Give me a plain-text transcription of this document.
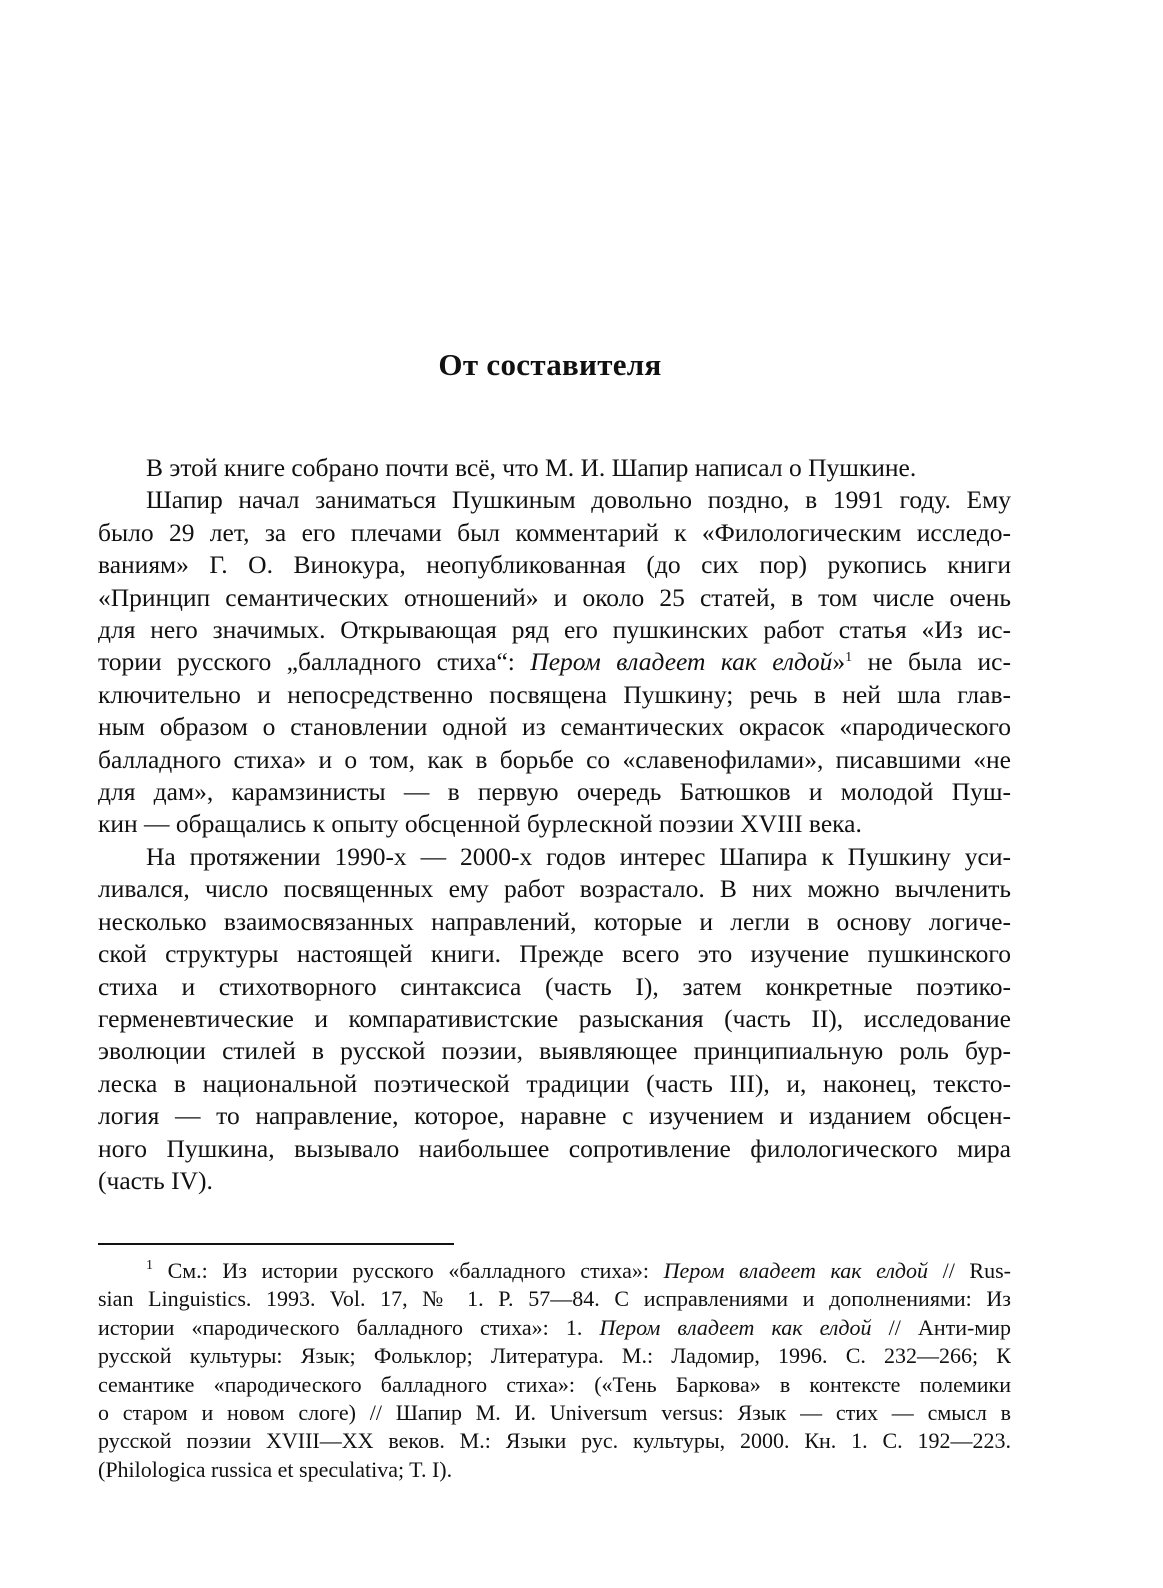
От составителя
В этой книге собрано почти всё, что М. И. Шапир написал о Пушкине.
Шапир начал заниматься Пушкиным довольно поздно, в 1991 году. Ему
было 29 лет, за его плечами был комментарий к «Филологическим исследо-
ваниям» Г. О. Винокура, неопубликованная (до сих пор) рукопись книги
«Принцип семантических отношений» и около 25 статей, в том числе очень
для него значимых. Открывающая ряд его пушкинских работ статья «Из ис-
тории русского „балладного стиха“: Пером владеет как елдой»$^1$ не была ис-
ключительно и непосредственно посвящена Пушкину; речь в ней шла глав-
ным образом о становлении одной из семантических окрасок «пародического
балладного стиха» и о том, как в борьбе со «славенофилами», писавшими «не
для дам», карамзинисты — в первую очередь Батюшков и молодой Пуш-
кин — обращались к опыту обсценной бурлескной поэзии XVIII века.
На протяжении 1990-х — 2000-х годов интерес Шапира к Пушкину уси-
ливался, число посвященных ему работ возрастало. В них можно вычленить
несколько взаимосвязанных направлений, которые и легли в основу логиче-
ской структуры настоящей книги. Прежде всего это изучение пушкинского
стиха и стихотворного синтаксиса (часть I), затем конкретные поэтико-
герменевтические и компаративистские разыскания (часть II), исследование
эволюции стилей в русской поэзии, выявляющее принципиальную роль бур-
леска в национальной поэтической традиции (часть III), и, наконец, тексто-
логия — то направление, которое, наравне с изучением и изданием обсцен-
ного Пушкина, вызывало наибольшее сопротивление филологического мира
(часть IV).
$^1$ См.: Из истории русского «балладного стиха»: Пером владеет как елдой // Rus-
sian Linguistics. 1993. Vol. 17, № 1. P. 57—84. С исправлениями и дополнениями: Из
истории «пародического балладного стиха»: 1. Пером владеет как елдой // Анти-мир
русской культуры: Язык; Фольклор; Литература. М.: Ладомир, 1996. С. 232—266; К
семантике «пародического балладного стиха»: («Тень Баркова» в контексте полемики
о старом и новом слоге) // Шапир М. И. Universum versus: Язык — стих — смысл в
русской поэзии XVIII—XX веков. М.: Языки рус. культуры, 2000. Кн. 1. С. 192—223.
(Philologica russica et speculativa; T. I).
